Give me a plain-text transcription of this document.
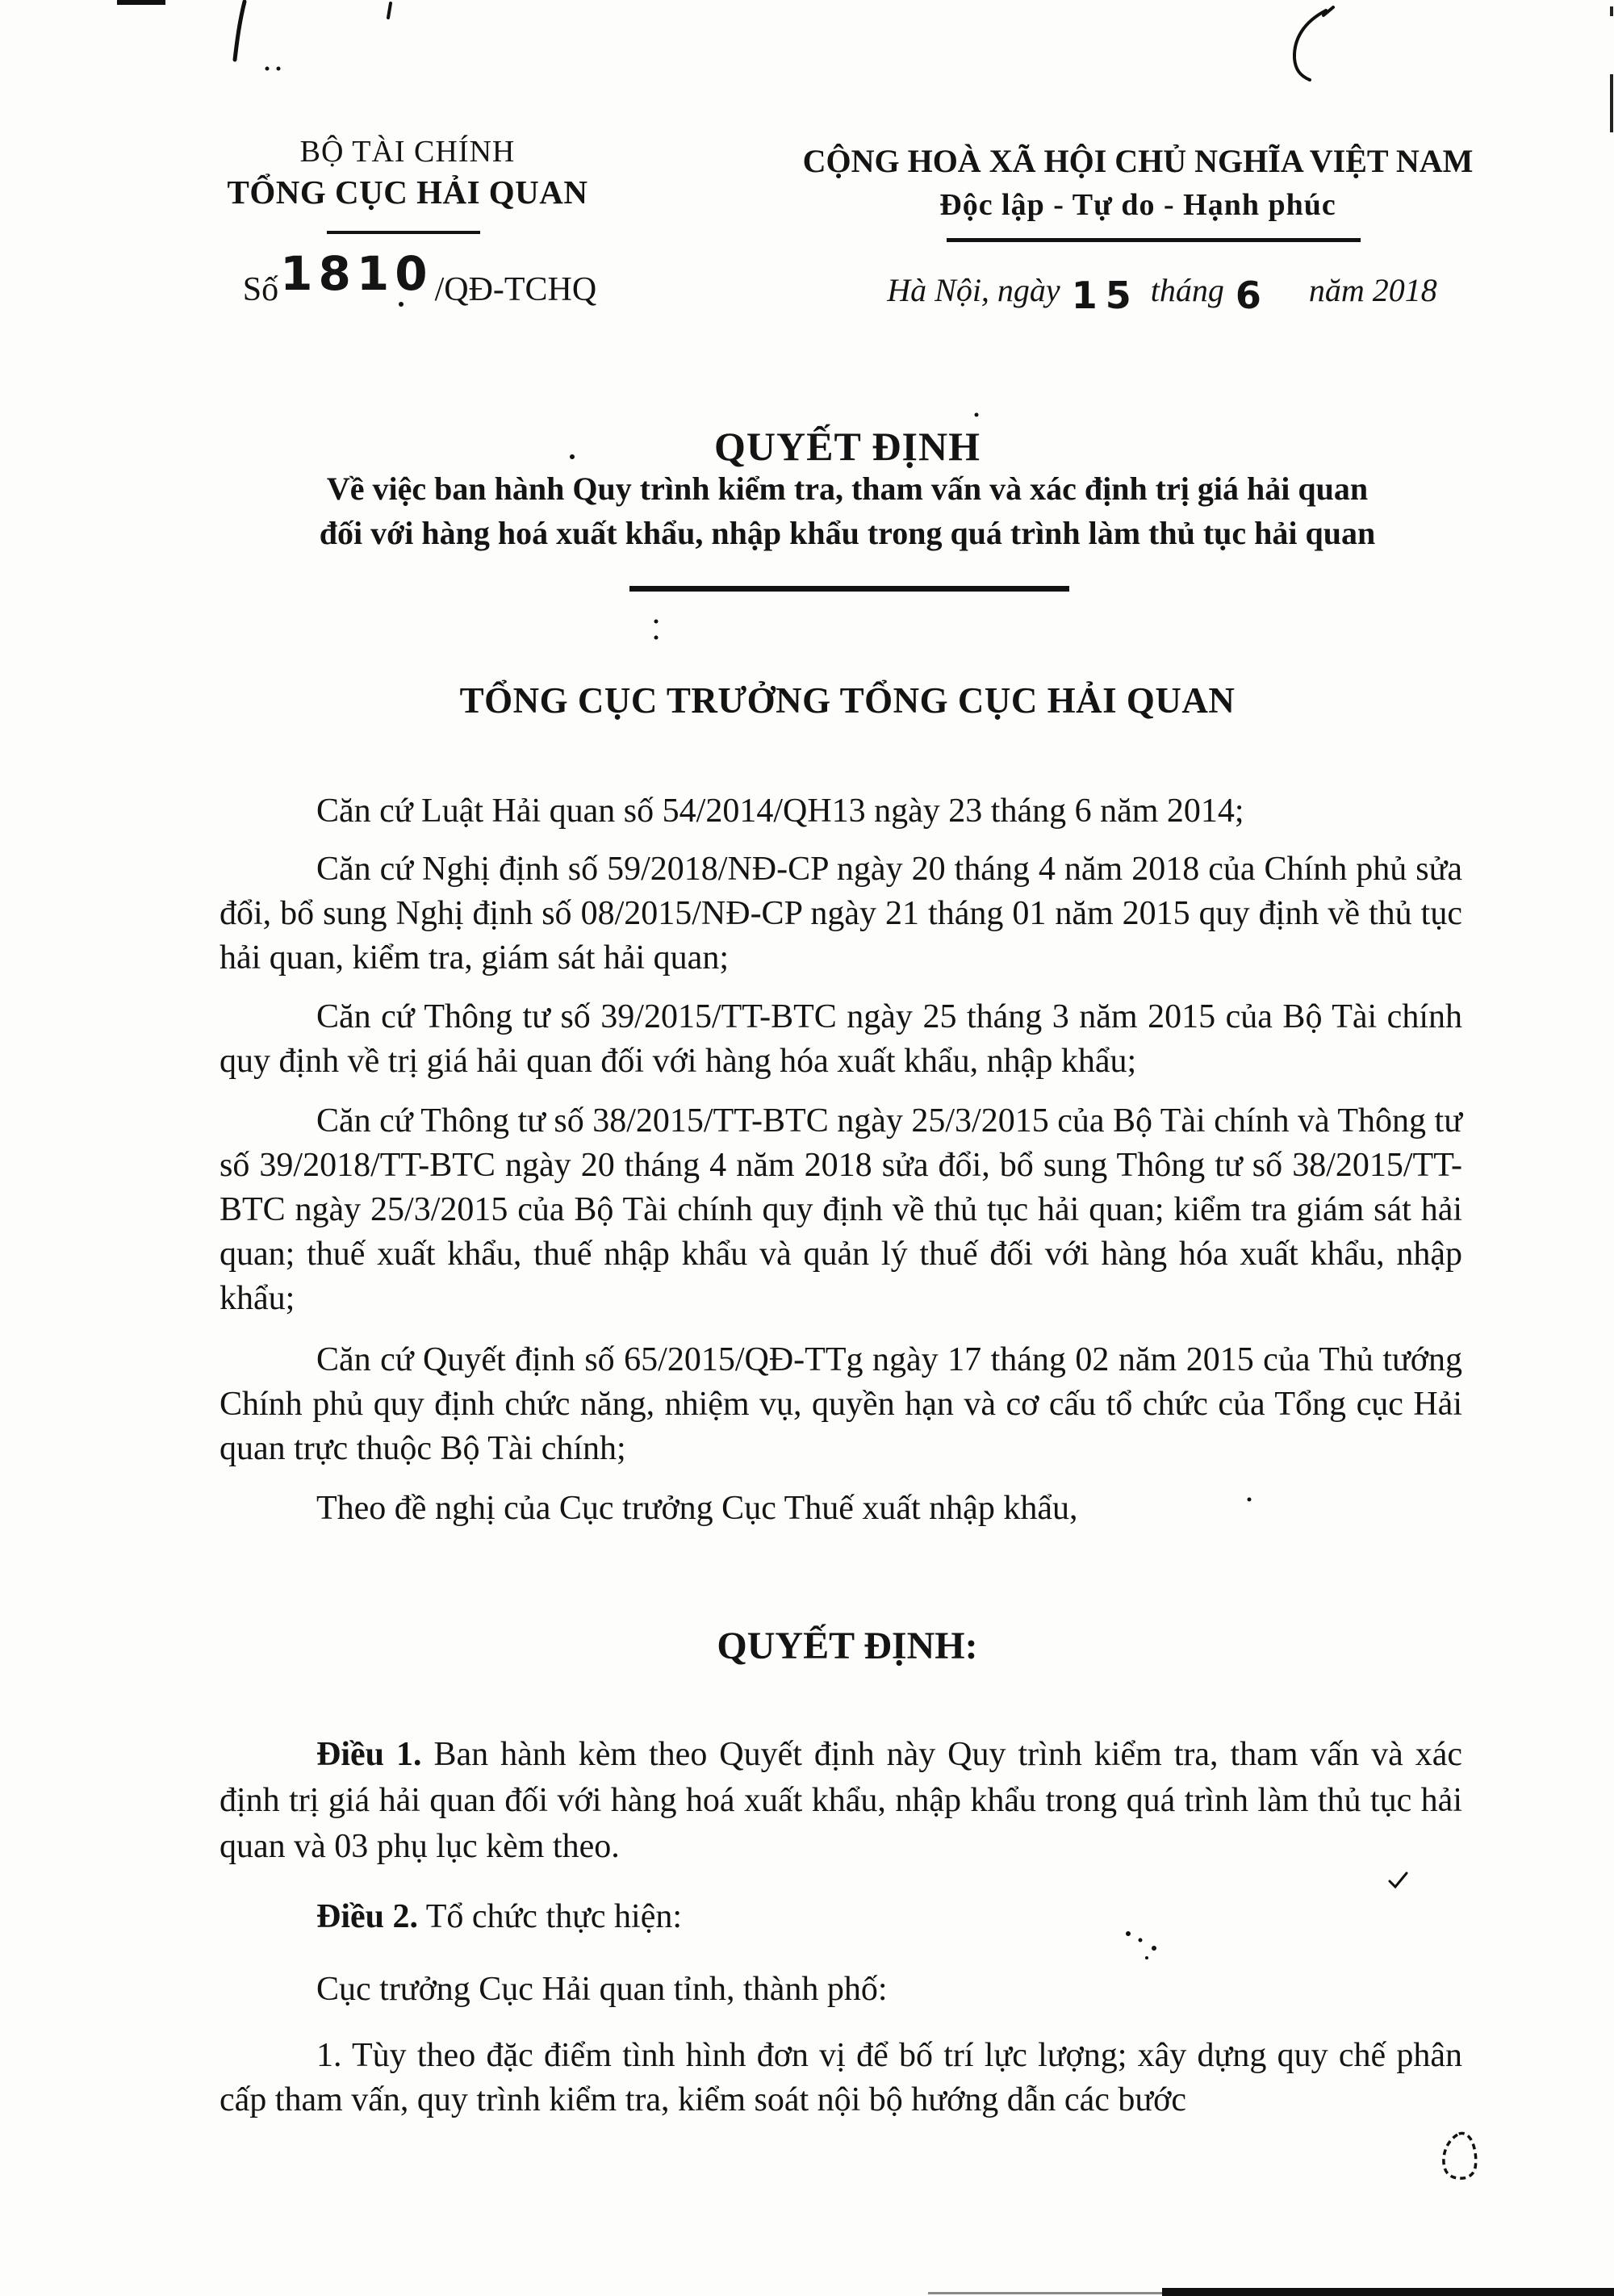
BỘ TÀI CHÍNH
TỔNG CỤC HẢI QUAN
Số 1810 /QĐ-TCHQ
CỘNG HOÀ XÃ HỘI CHỦ NGHĨA VIỆT NAM
Độc lập - Tự do - Hạnh phúc
Hà Nội, ngày 15 tháng 6 năm 2018
QUYẾT ĐỊNH
Về việc ban hành Quy trình kiểm tra, tham vấn và xác định trị giá hải quan
đối với hàng hoá xuất khẩu, nhập khẩu trong quá trình làm thủ tục hải quan
TỔNG CỤC TRƯỞNG TỔNG CỤC HẢI QUAN

Căn cứ Luật Hải quan số 54/2014/QH13 ngày 23 tháng 6 năm 2014;

Căn cứ Nghị định số 59/2018/NĐ-CP ngày 20 tháng 4 năm 2018 của Chính phủ sửa đổi, bổ sung Nghị định số 08/2015/NĐ-CP ngày 21 tháng 01 năm 2015 quy định về thủ tục hải quan, kiểm tra, giám sát hải quan;

Căn cứ Thông tư số 39/2015/TT-BTC ngày 25 tháng 3 năm 2015 của Bộ Tài chính quy định về trị giá hải quan đối với hàng hóa xuất khẩu, nhập khẩu;

Căn cứ Thông tư số 38/2015/TT-BTC ngày 25/3/2015 của Bộ Tài chính và Thông tư số 39/2018/TT-BTC ngày 20 tháng 4 năm 2018 sửa đổi, bổ sung Thông tư số 38/2015/TT-BTC ngày 25/3/2015 của Bộ Tài chính quy định về thủ tục hải quan; kiểm tra giám sát hải quan; thuế xuất khẩu, thuế nhập khẩu và quản lý thuế đối với hàng hóa xuất khẩu, nhập khẩu;

Căn cứ Quyết định số 65/2015/QĐ-TTg ngày 17 tháng 02 năm 2015 của Thủ tướng Chính phủ quy định chức năng, nhiệm vụ, quyền hạn và cơ cấu tổ chức của Tổng cục Hải quan trực thuộc Bộ Tài chính;

Theo đề nghị của Cục trưởng Cục Thuế xuất nhập khẩu,

QUYẾT ĐỊNH:

Điều 1. Ban hành kèm theo Quyết định này Quy trình kiểm tra, tham vấn và xác định trị giá hải quan đối với hàng hoá xuất khẩu, nhập khẩu trong quá trình làm thủ tục hải quan và 03 phụ lục kèm theo.

Điều 2. Tổ chức thực hiện:

Cục trưởng Cục Hải quan tỉnh, thành phố:

1. Tùy theo đặc điểm tình hình đơn vị để bố trí lực lượng; xây dựng quy chế phân cấp tham vấn, quy trình kiểm tra, kiểm soát nội bộ hướng dẫn các bước
